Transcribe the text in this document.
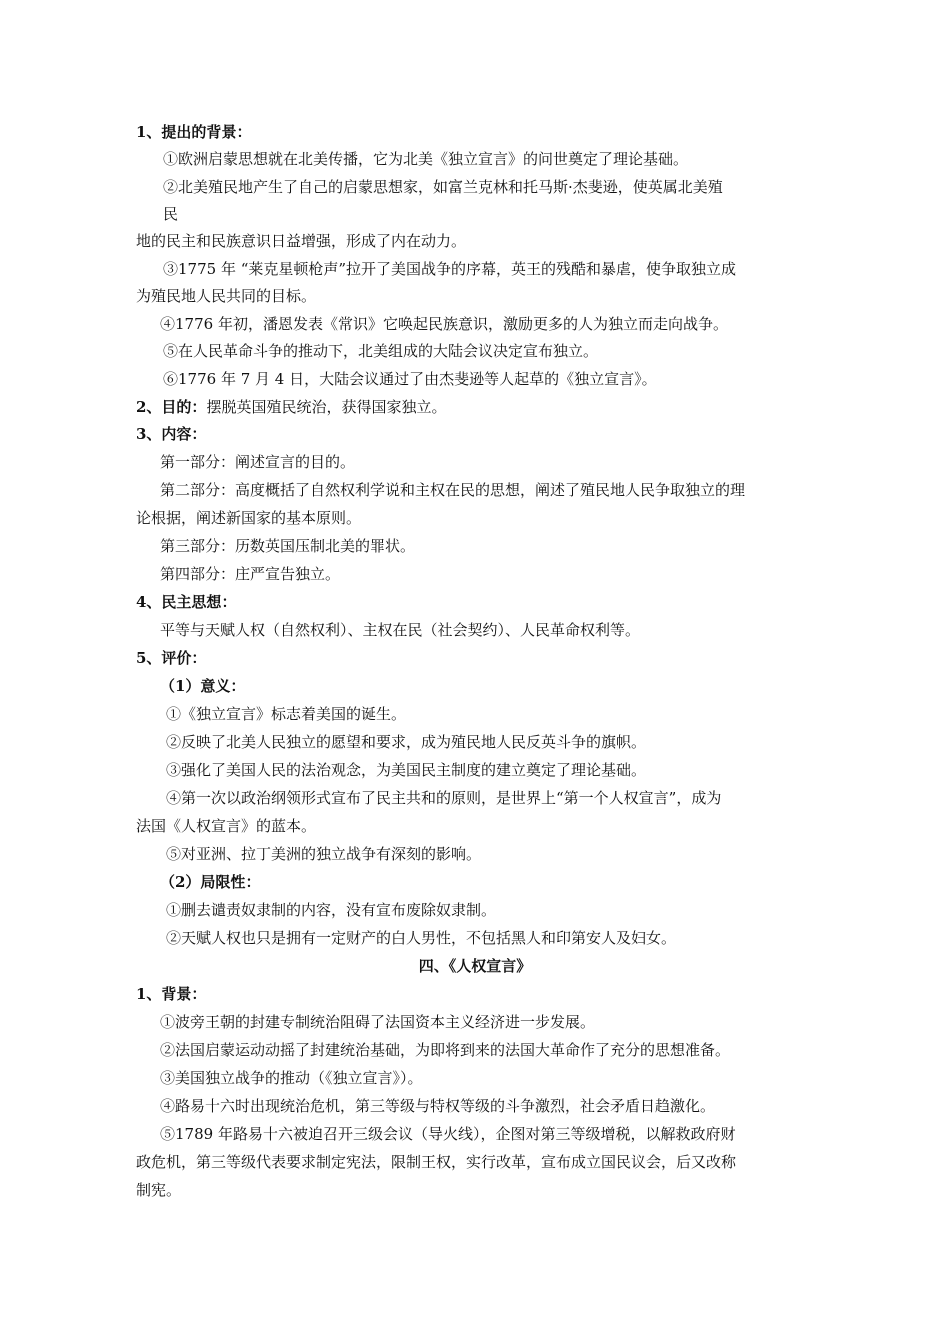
1、提出的背景：
①欧洲启蒙思想就在北美传播，它为北美《独立宣言》的问世奠定了理论基础。
②北美殖民地产生了自己的启蒙思想家，如富兰克林和托马斯·杰斐逊，使英属北美殖
民
地的民主和民族意识日益增强，形成了内在动力。
③1775 年 “莱克星顿枪声”拉开了美国战争的序幕，英王的残酷和暴虐，使争取独立成
为殖民地人民共同的目标。
④1776 年初，潘恩发表《常识》它唤起民族意识，激励更多的人为独立而走向战争。
⑤在人民革命斗争的推动下，北美组成的大陆会议决定宣布独立。
⑥1776 年 7 月 4 日，大陆会议通过了由杰斐逊等人起草的《独立宣言》。
2、目的：摆脱英国殖民统治，获得国家独立。
3、内容：
第一部分：阐述宣言的目的。
第二部分：高度概括了自然权利学说和主权在民的思想，阐述了殖民地人民争取独立的理
论根据，阐述新国家的基本原则。
第三部分：历数英国压制北美的罪状。
第四部分：庄严宣告独立。
4、民主思想：
平等与天赋人权（自然权利）、主权在民（社会契约）、人民革命权利等。
5、评价：
（1）意义：
①《独立宣言》标志着美国的诞生。
②反映了北美人民独立的愿望和要求，成为殖民地人民反英斗争的旗帜。
③强化了美国人民的法治观念，为美国民主制度的建立奠定了理论基础。
④第一次以政治纲领形式宣布了民主共和的原则，是世界上“第一个人权宣言”，成为
法国《人权宣言》的蓝本。
⑤对亚洲、拉丁美洲的独立战争有深刻的影响。
（2）局限性：
①删去谴责奴隶制的内容，没有宣布废除奴隶制。
②天赋人权也只是拥有一定财产的白人男性，不包括黑人和印第安人及妇女。
四、《人权宣言》
1、背景：
①波旁王朝的封建专制统治阻碍了法国资本主义经济进一步发展。
②法国启蒙运动动摇了封建统治基础，为即将到来的法国大革命作了充分的思想准备。
③美国独立战争的推动（《独立宣言》）。
④路易十六时出现统治危机，第三等级与特权等级的斗争激烈，社会矛盾日趋激化。
⑤1789 年路易十六被迫召开三级会议（导火线），企图对第三等级增税，以解救政府财
政危机，第三等级代表要求制定宪法，限制王权，实行改革，宣布成立国民议会，后又改称
制宪。
